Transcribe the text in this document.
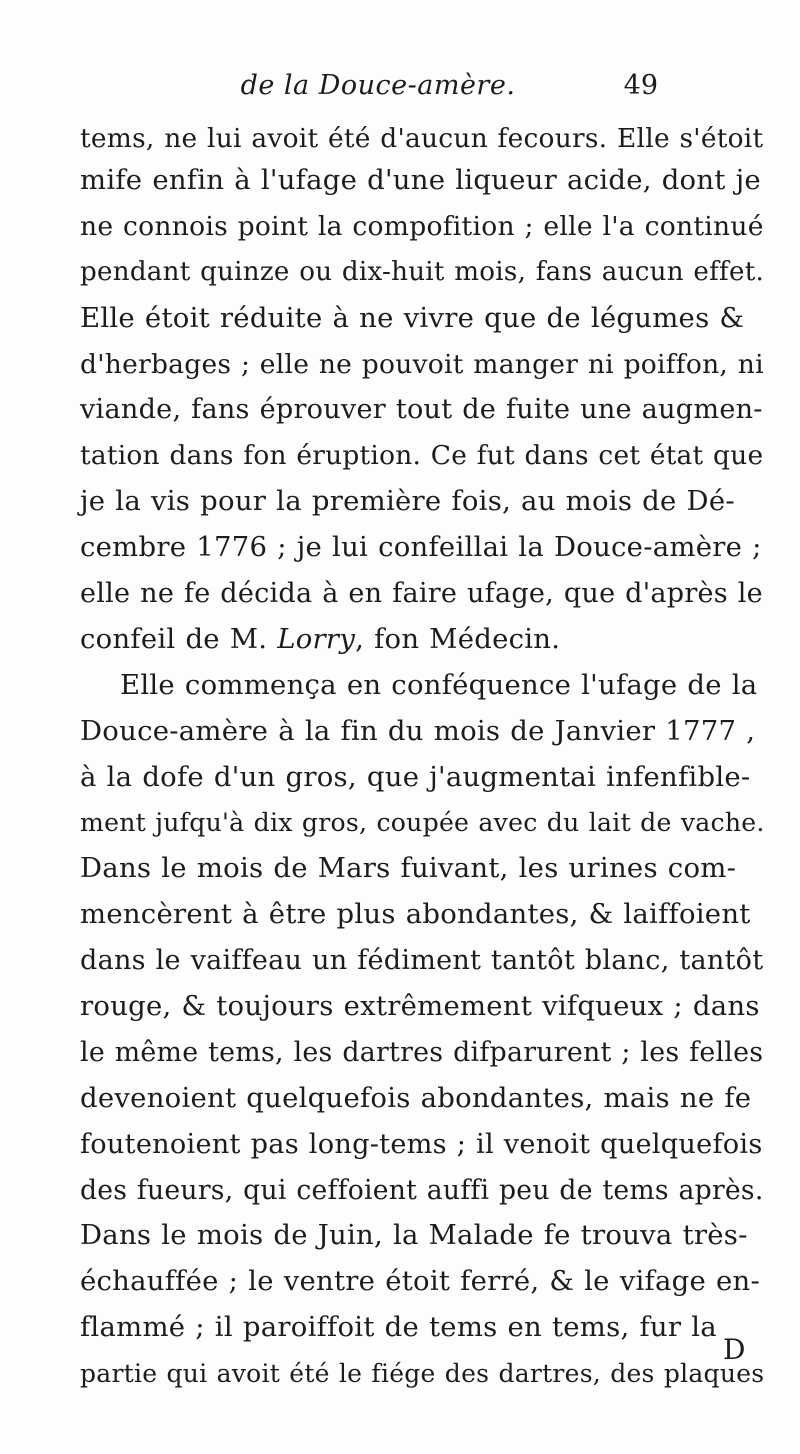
de la Douce-amère.	49
tems, ne lui avoit été d'aucun fecours. Elle s'étoit
mife enfin à l'ufage d'une liqueur acide, dont je
ne connois point la compofition ; elle l'a continué
pendant quinze ou dix-huit mois, fans aucun effet.
Elle étoit réduite à ne vivre que de légumes &
d'herbages ; elle ne pouvoit manger ni poiffon, ni
viande, fans éprouver tout de fuite une augmen-
tation dans fon éruption. Ce fut dans cet état que
je la vis pour la première fois, au mois de Dé-
cembre 1776 ; je lui confeillai la Douce-amère ;
elle ne fe décida à en faire ufage, que d'après le
confeil de M. Lorry, fon Médecin.
Elle commença en conféquence l'ufage de la
Douce-amère à la fin du mois de Janvier 1777 ,
à la dofe d'un gros, que j'augmentai infenfible-
ment jufqu'à dix gros, coupée avec du lait de vache.
Dans le mois de Mars fuivant, les urines com-
mencèrent à être plus abondantes, & laiffoient
dans le vaiffeau un fédiment tantôt blanc, tantôt
rouge, & toujours extrêmement vifqueux ; dans
le même tems, les dartres difparurent ; les felles
devenoient quelquefois abondantes, mais ne fe
foutenoient pas long-tems ; il venoit quelquefois
des fueurs, qui ceffoient auffi peu de tems après.
Dans le mois de Juin, la Malade fe trouva très-
échauffée ; le ventre étoit ferré, & le vifage en-
flammé ; il paroiffoit de tems en tems, fur la
partie qui avoit été le fiége des dartres, des plaques
D
